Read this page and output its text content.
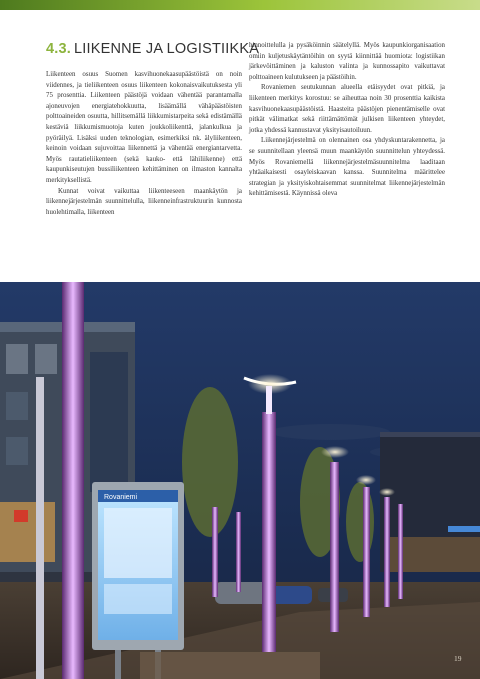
4.3. LIIKENNE JA LOGISTIIKKA

Liikenteen osuus Suomen kasvihuonekaasupäästöistä on noin viidennes, ja tieliikenteen osuus liikenteen kokonaisvaikutuksesta yli 75 prosenttia. Liikenteen päästöjä voidaan vähentää parantamalla ajoneuvojen energiatehokkuutta, lisäämällä vähäpäästöisten polttoaineiden osuutta, hillitsemällä liikkumistarpeita sekä edistämällä kestäviä liikkumismuotoja kuten joukkoliikenttä, jalankulkua ja pyöräilyä. Lisäksi uuden teknologian, esimerkiksi nk. älyliikenteen, keinoin voidaan sujuvoittaa liikennettä ja vähentää energiantarvetta. Myös rautatieliikenteen (sekä kauko- että lähiliikenne) että kaupunkiseutujen bussiliikenteen kehittäminen on ilmaston kannalta merkityksellistä.

Kunnat voivat vaikuttaa liikenteeseen maankäytön ja liikennejärjestelmän suunnittelulla, liikenneinfrastruktuurin kunnosta huolehtimalla, liikenteen

hinnoittelulla ja pysäköinnin säätelyllä. Myös kaupunkiorganisaation omiin kuljetuskäytäntöihin on syytä kiinnittää huomiota: logistiikan järkevöittäminen ja kaluston valinta ja kunnossapito vaikuttavat polttoaineen kulutukseen ja päästöihin.

Rovaniemen seutukunnan alueella etäisyydet ovat pitkiä, ja liikenteen merkitys korostuu: se aiheuttaa noin 30 prosenttia kaikista kasvihuonekaasupäästöistä. Haasteita päästöjen pienentämiselle ovat pitkät välimatkat sekä riittämättömät julkisen liikenteen yhteydet, jotka yhdessä kannustavat yksityisautoiluun.

Liikennejärjestelmä on olennainen osa yhdyskuntarakennetta, ja se suunnitellaan yleensä muun maankäytön suunnittelun yhteydessä. Myös Rovaniemellä liikennejärjestelmäsuunnitelma laaditaan yhtäaikaisesti osayleiskaavan kanssa. Suunnitelma määrittelee strategian ja yksityiskohtaisemmat suunnitelmat liikennejärjestelmän kehittämisestä. Käynnissä oleva

Rovaniemi
19
